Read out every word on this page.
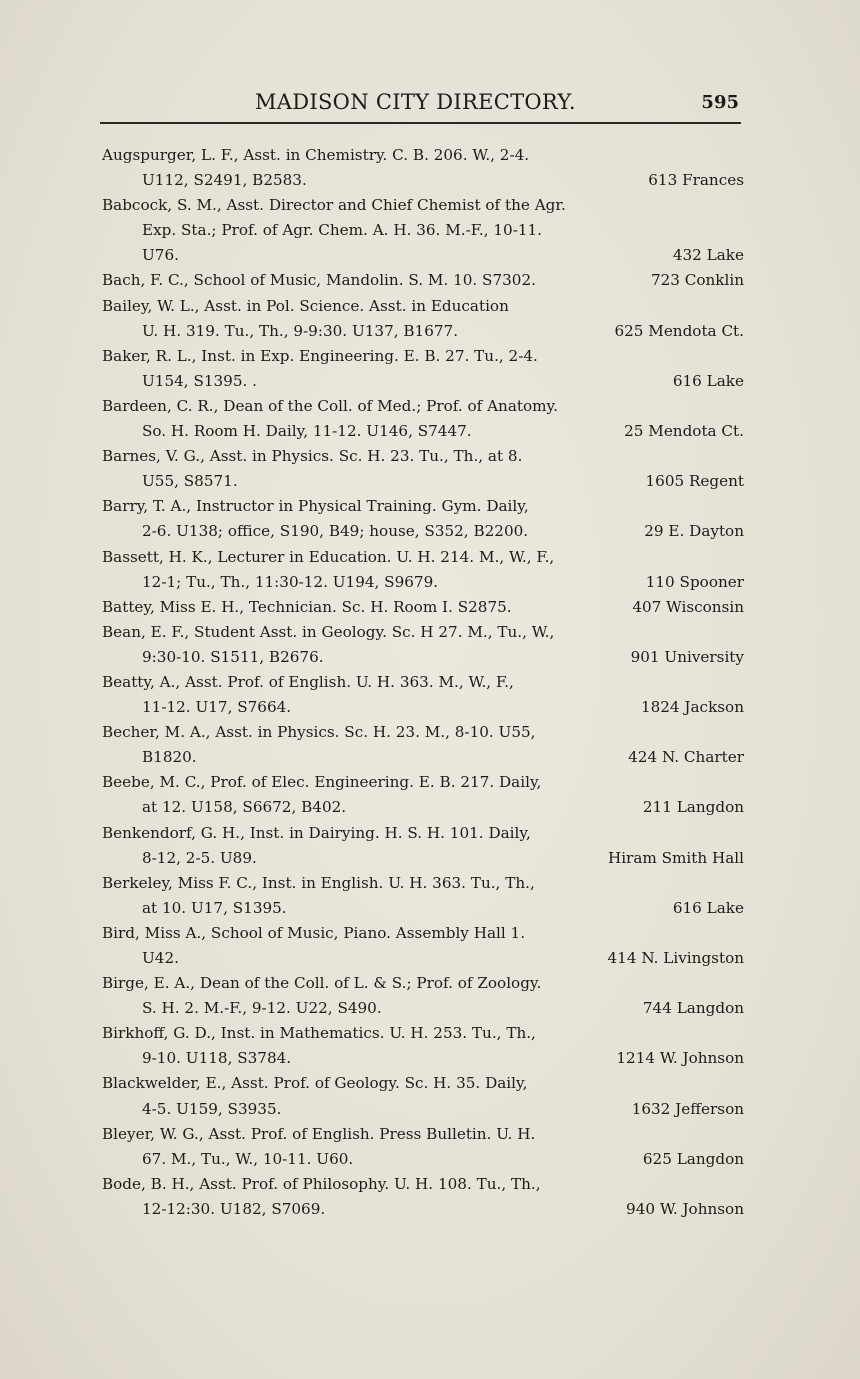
MADISON CITY DIRECTORY.	595
Augspurger, L. F., Asst. in Chemistry. C. B. 206. W., 2-4.
U112, S2491, B2583.	613 Frances
Babcock, S. M., Asst. Director and Chief Chemist of the Agr.
Exp. Sta.; Prof. of Agr. Chem. A. H. 36. M.-F., 10-11.
U76.	432 Lake
Bach, F. C., School of Music, Mandolin. S. M. 10. S7302.	723 Conklin
Bailey, W. L., Asst. in Pol. Science. Asst. in Education
U. H. 319. Tu., Th., 9-9:30. U137, B1677.	625 Mendota Ct.
Baker, R. L., Inst. in Exp. Engineering. E. B. 27. Tu., 2-4.
U154, S1395. .	616 Lake
Bardeen, C. R., Dean of the Coll. of Med.; Prof. of Anatomy.
So. H. Room H. Daily, 11-12. U146, S7447.	25 Mendota Ct.
Barnes, V. G., Asst. in Physics. Sc. H. 23. Tu., Th., at 8.
U55, S8571.	1605 Regent
Barry, T. A., Instructor in Physical Training. Gym. Daily,
2-6. U138; office, S190, B49; house, S352, B2200.	29 E. Dayton
Bassett, H. K., Lecturer in Education. U. H. 214. M., W., F.,
12-1; Tu., Th., 11:30-12. U194, S9679.	110 Spooner
Battey, Miss E. H., Technician. Sc. H. Room I. S2875.	407 Wisconsin
Bean, E. F., Student Asst. in Geology. Sc. H 27. M., Tu., W.,
9:30-10. S1511, B2676.	901 University
Beatty, A., Asst. Prof. of English. U. H. 363. M., W., F.,
11-12. U17, S7664.	1824 Jackson
Becher, M. A., Asst. in Physics. Sc. H. 23. M., 8-10. U55,
B1820.	424 N. Charter
Beebe, M. C., Prof. of Elec. Engineering. E. B. 217. Daily,
at 12. U158, S6672, B402.	211 Langdon
Benkendorf, G. H., Inst. in Dairying. H. S. H. 101. Daily,
8-12, 2-5. U89.	Hiram Smith Hall
Berkeley, Miss F. C., Inst. in English. U. H. 363. Tu., Th.,
at 10. U17, S1395.	616 Lake
Bird, Miss A., School of Music, Piano. Assembly Hall 1.
U42.	414 N. Livingston
Birge, E. A., Dean of the Coll. of L. & S.; Prof. of Zoology.
S. H. 2. M.-F., 9-12. U22, S490.	744 Langdon
Birkhoff, G. D., Inst. in Mathematics. U. H. 253. Tu., Th.,
9-10. U118, S3784.	1214 W. Johnson
Blackwelder, E., Asst. Prof. of Geology. Sc. H. 35. Daily,
4-5. U159, S3935.	1632 Jefferson
Bleyer, W. G., Asst. Prof. of English. Press Bulletin. U. H.
67. M., Tu., W., 10-11. U60.	625 Langdon
Bode, B. H., Asst. Prof. of Philosophy. U. H. 108. Tu., Th.,
12-12:30. U182, S7069.	940 W. Johnson
